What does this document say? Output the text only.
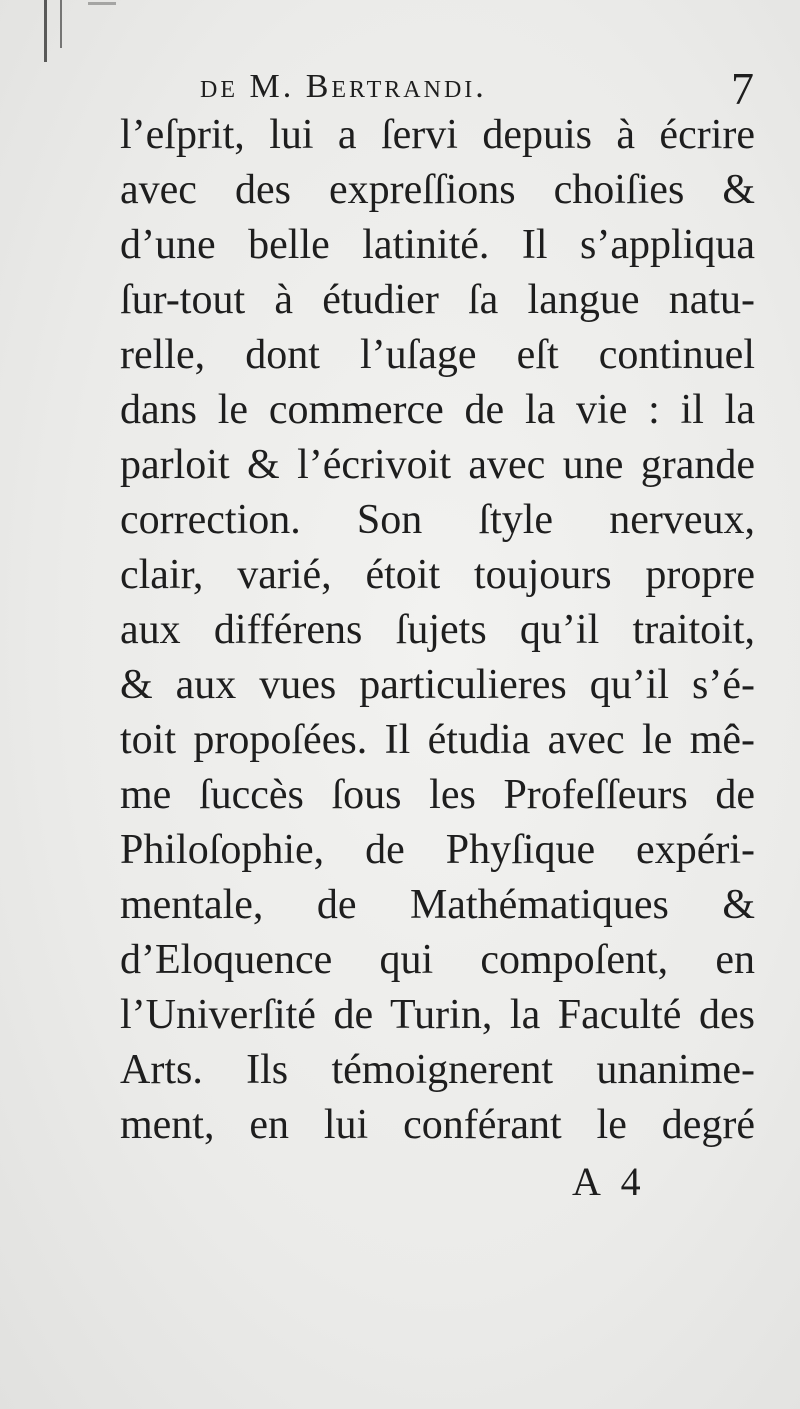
de M. Bertrandi.	7
l’eſprit, lui a ſervi depuis à écrire
avec des expreſſions choiſies &
d’une belle latinité. Il s’appliqua
ſur-tout à étudier ſa langue natu-
relle, dont l’uſage eſt continuel
dans le commerce de la vie : il la
parloit & l’écrivoit avec une grande
correction. Son ſtyle nerveux,
clair, varié, étoit toujours propre
aux différens ſujets qu’il traitoit,
& aux vues particulieres qu’il s’é-
toit propoſées. Il étudia avec le mê-
me ſuccès ſous les Profeſſeurs de
Philoſophie, de Phyſique expéri-
mentale, de Mathématiques &
d’Eloquence qui compoſent, en
l’Univerſité de Turin, la Faculté des
Arts. Ils témoignerent unanime-
ment, en lui conférant le degré
A 4
